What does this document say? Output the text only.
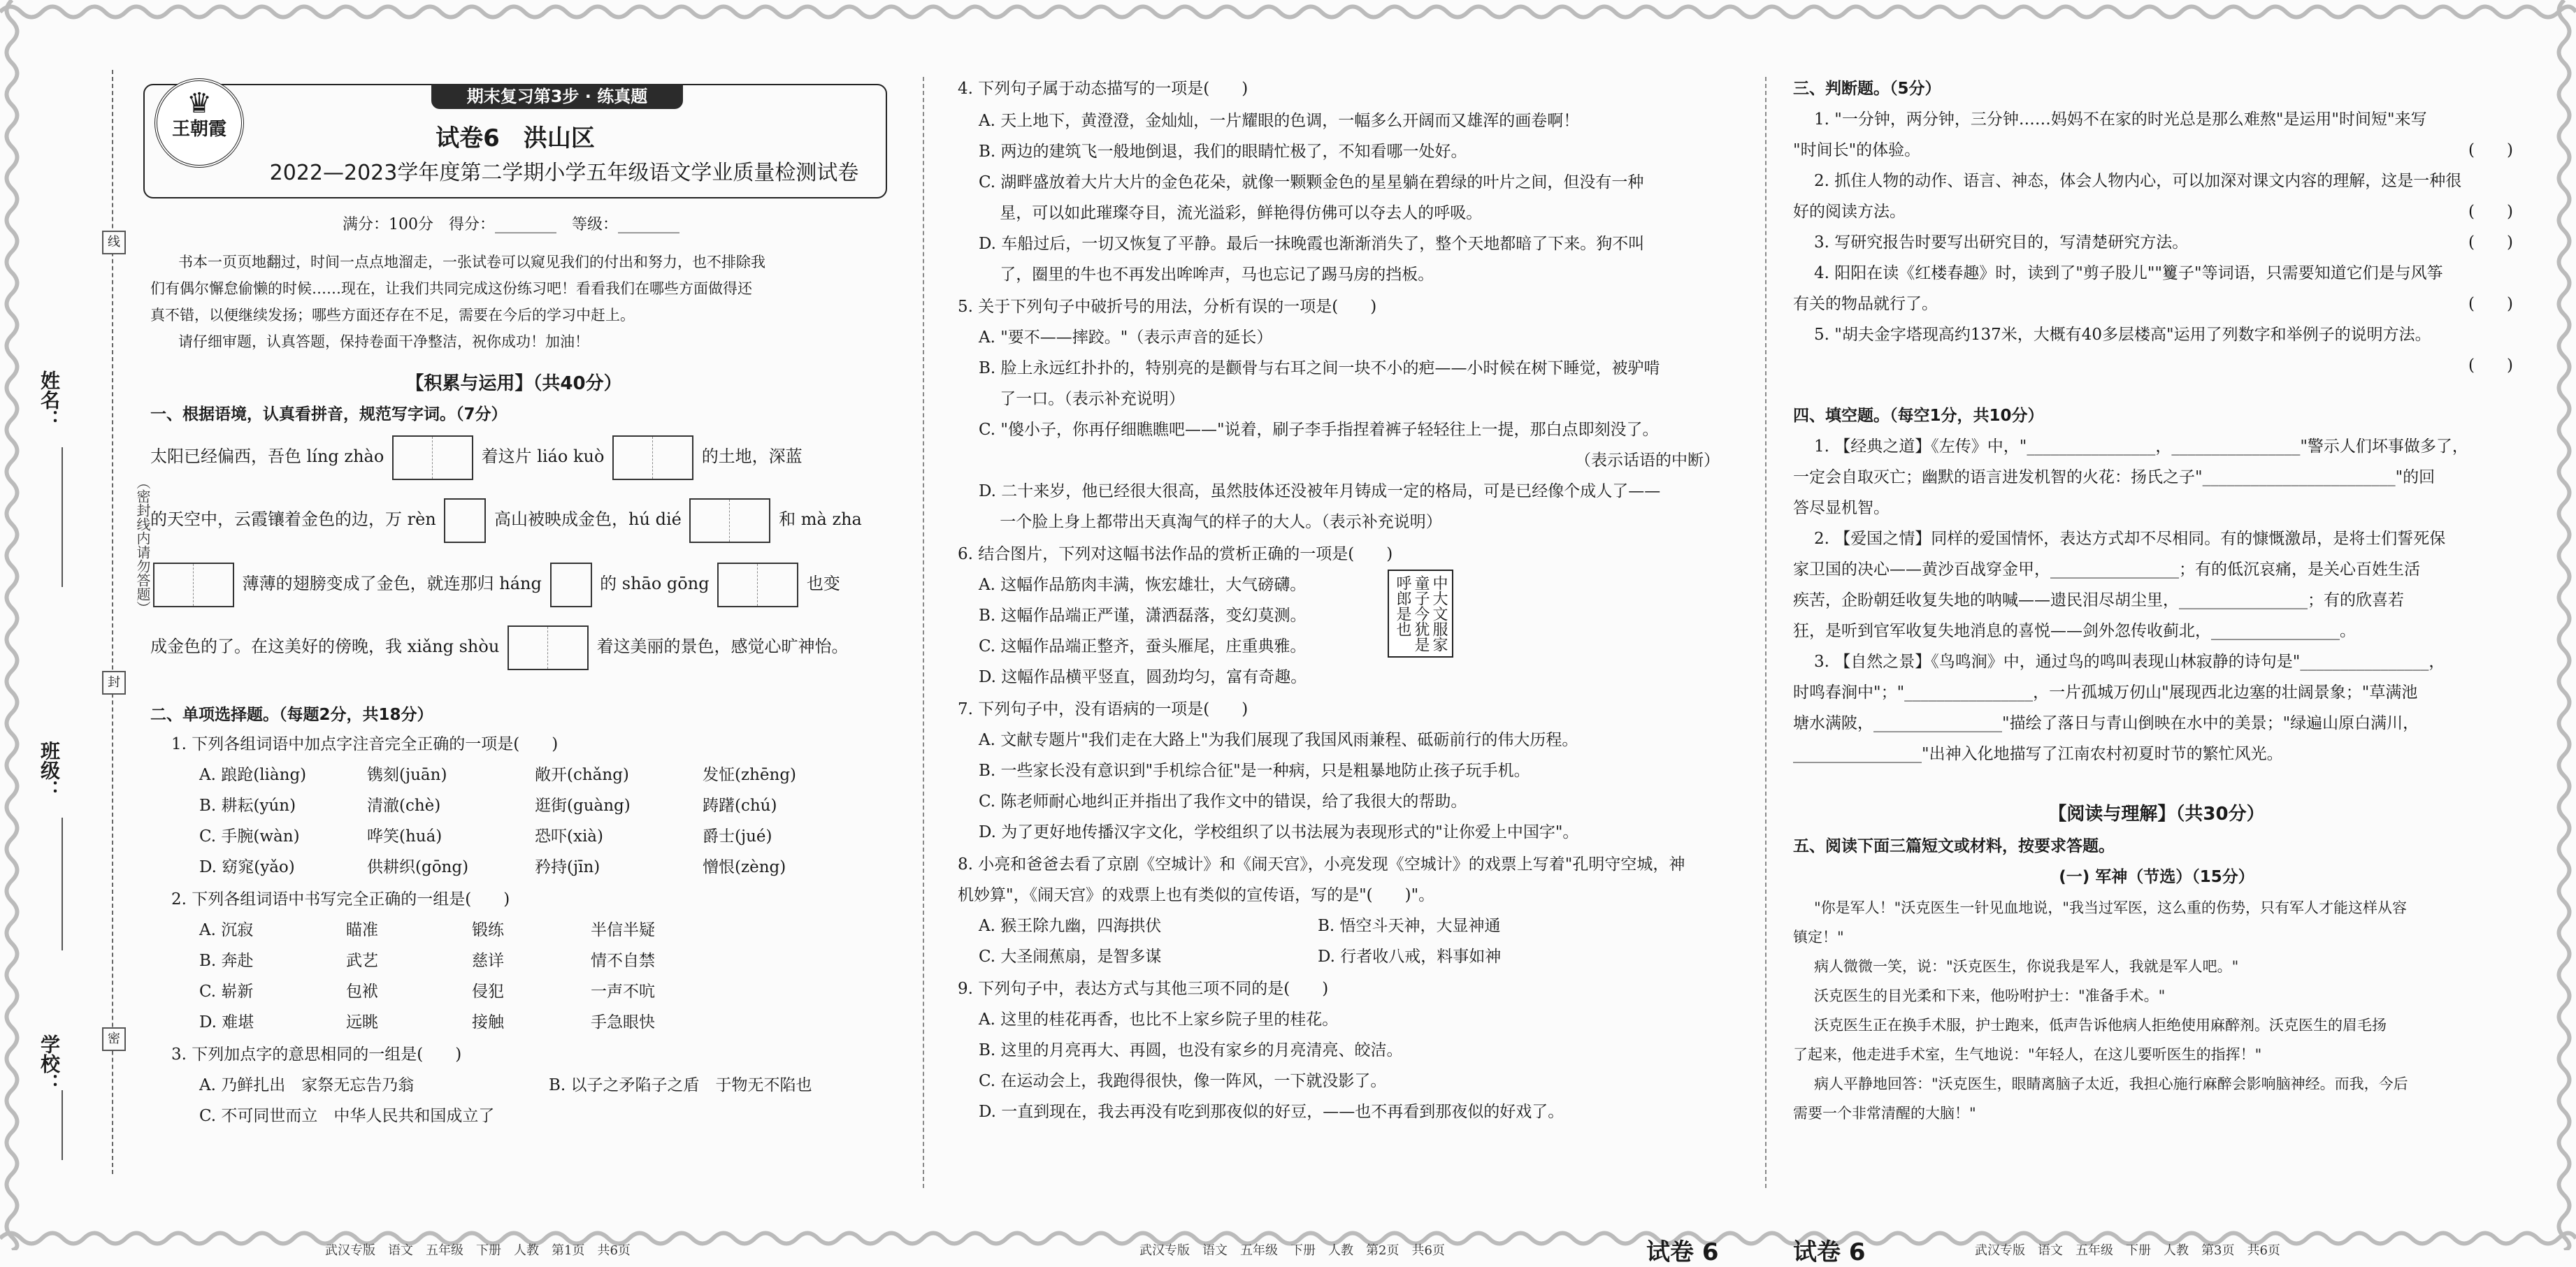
姓名：
班级：
学校：
线
封
密
（密封线内请勿答题）
期末复习第3步 · 练真题
♛
王朝霞	试卷6　洪山区
2022—2023学年度第二学期小学五年级语文学业质量检测试卷
满分：100分　得分：________　等级：________
书本一页页地翻过，时间一点点地溜走，一张试卷可以窥见我们的付出和努力，也不排除我
们有偶尔懈怠偷懒的时候……现在，让我们共同完成这份练习吧！看看我们在哪些方面做得还
真不错，以便继续发扬；哪些方面还存在不足，需要在今后的学习中赶上。
请仔细审题，认真答题，保持卷面干净整洁，祝你成功！加油！
【积累与运用】（共40分）
一、根据语境，认真看拼音，规范写字词。（7分）
太阳已经偏西，吾色 líng zhào	着这片 liáo kuò	的土地，深蓝
的天空中，云霞镶着金色的边，万 rèn	高山被映成金色，hú dié	和 mà zha
薄薄的翅膀变成了金色，就连那归 háng	的 shāo gōng	也变
成金色的了。在这美好的傍晚，我 xiǎng shòu	着这美丽的景色，感觉心旷神怡。
二、单项选择题。（每题2分，共18分）
1. 下列各组词语中加点字注音完全正确的一项是(　　)
A. 踉跄(liàng)	镌刻(juān)	敞开(chǎng)	发怔(zhēng)
B. 耕耘(yún)	清澈(chè)	逛街(guàng)	踌躇(chú)
C. 手腕(wàn)	哗笑(huá)	恐吓(xià)	爵士(jué)
D. 窈窕(yǎo)	供耕织(gōng)	矜持(jīn)	憎恨(zèng)
2. 下列各组词语中书写完全正确的一组是(　　)
A. 沉寂	瞄准	锻练	半信半疑
B. 奔赴	武艺	慈详	情不自禁
C. 崭新	包袱	侵犯	一声不吭
D. 难堪	远眺	接触	手急眼快
3. 下列加点字的意思相同的一组是(　　)
A. 乃鲜扎出　家祭无忘告乃翁	B. 以子之矛陷子之盾　于物无不陷也
C. 不可同世而立　中华人民共和国成立了
武汉专版　语文　五年级　下册　人教　第1页　共6页
4. 下列句子属于动态描写的一项是(　　)
A. 天上地下，黄澄澄，金灿灿，一片耀眼的色调，一幅多么开阔而又雄浑的画卷啊！
B. 两边的建筑飞一般地倒退，我们的眼睛忙极了，不知看哪一处好。
C. 湖畔盛放着大片大片的金色花朵，就像一颗颗金色的星星躺在碧绿的叶片之间，但没有一种
　 星，可以如此璀璨夺目，流光溢彩，鲜艳得仿佛可以夺去人的呼吸。
D. 车船过后，一切又恢复了平静。最后一抹晚霞也渐渐消失了，整个天地都暗了下来。狗不叫
　 了，圈里的牛也不再发出哞哞声，马也忘记了踢马房的挡板。
5. 关于下列句子中破折号的用法，分析有误的一项是(　　)
A. "要不——摔跤。"（表示声音的延长）
B. 脸上永远红扑扑的，特别亮的是颧骨与右耳之间一块不小的疤——小时候在树下睡觉，被驴啃
　 了一口。（表示补充说明）
C. "傻小子，你再仔细瞧瞧吧——"说着，刷子李手指捏着裤子轻轻往上一提，那白点即刻没了。
（表示话语的中断）
D. 二十来岁，他已经很大很高，虽然肢体还没被年月铸成一定的格局，可是已经像个成人了——
　 一个脸上身上都带出天真淘气的样子的大人。（表示补充说明）
6. 结合图片，下列对这幅书法作品的赏析正确的一项是(　　)
A. 这幅作品筋肉丰满，恢宏雄壮，大气磅礴。
B. 这幅作品端正严谨，潇洒磊落，变幻莫测。
C. 这幅作品端正整齐，蚕头雁尾，庄重典雅。
D. 这幅作品横平竖直，圆劲均匀，富有奇趣。
中大文服家
童子今犹是
呼郎是也
7. 下列句子中，没有语病的一项是(　　)
A. 文献专题片"我们走在大路上"为我们展现了我国风雨兼程、砥砺前行的伟大历程。
B. 一些家长没有意识到"手机综合征"是一种病，只是粗暴地防止孩子玩手机。
C. 陈老师耐心地纠正并指出了我作文中的错误，给了我很大的帮助。
D. 为了更好地传播汉字文化，学校组织了以书法展为表现形式的"让你爱上中国字"。
8. 小亮和爸爸去看了京剧《空城计》和《闹天宫》，小亮发现《空城计》的戏票上写着"孔明守空城，神
机妙算"，《闹天宫》的戏票上也有类似的宣传语，写的是"(　　)"。
A. 猴王除九幽，四海拱伏	B. 悟空斗天神，大显神通
C. 大圣闹蕉扇，是智多谋	D. 行者收八戒，料事如神
9. 下列句子中，表达方式与其他三项不同的是(　　)
A. 这里的桂花再香，也比不上家乡院子里的桂花。
B. 这里的月亮再大、再圆，也没有家乡的月亮清亮、皎洁。
C. 在运动会上，我跑得很快，像一阵风，一下就没影了。
D. 一直到现在，我去再没有吃到那夜似的好豆，——也不再看到那夜似的好戏了。
武汉专版　语文　五年级　下册　人教　第2页　共6页	试卷 6
三、判断题。（5分）
1. "一分钟，两分钟，三分钟……妈妈不在家的时光总是那么难熬"是运用"时间短"来写
"时间长"的体验。	(　　)
2. 抓住人物的动作、语言、神态，体会人物内心，可以加深对课文内容的理解，这是一种很
好的阅读方法。	(　　)
3. 写研究报告时要写出研究目的，写清楚研究方法。	(　　)
4. 阳阳在读《红楼春趣》时，读到了"剪子股儿""籰子"等词语，只需要知道它们是与风筝
有关的物品就行了。	(　　)
5. "胡夫金字塔现高约137米，大概有40多层楼高"运用了列数字和举例子的说明方法。
(　　)
四、填空题。（每空1分，共10分）
1. 【经典之道】《左传》中，"________________，________________"警示人们坏事做多了，
一定会自取灭亡；幽默的语言进发机智的火花：扬氏之子"________________________"的回
答尽显机智。
2. 【爱国之情】同样的爱国情怀，表达方式却不尽相同。有的慷慨激昂，是将士们誓死保
家卫国的决心——黄沙百战穿金甲，________________；有的低沉哀痛，是关心百姓生活
疾苦，企盼朝廷收复失地的呐喊——遗民泪尽胡尘里，________________；有的欣喜若
狂，是听到官军收复失地消息的喜悦——剑外忽传收蓟北，________________。
3. 【自然之景】《鸟鸣涧》中，通过鸟的鸣叫表现山林寂静的诗句是"________________，
时鸣春涧中"；"________________，一片孤城万仞山"展现西北边塞的壮阔景象；"草满池
塘水满陂，________________"描绘了落日与青山倒映在水中的美景；"绿遍山原白满川，
________________"出神入化地描写了江南农村初夏时节的繁忙风光。
【阅读与理解】（共30分）
五、阅读下面三篇短文或材料，按要求答题。
(一) 军神（节选）（15分）
"你是军人！"沃克医生一针见血地说，"我当过军医，这么重的伤势，只有军人才能这样从容
镇定！"
病人微微一笑，说："沃克医生，你说我是军人，我就是军人吧。"
沃克医生的目光柔和下来，他吩咐护士："准备手术。"
沃克医生正在换手术服，护士跑来，低声告诉他病人拒绝使用麻醉剂。沃克医生的眉毛扬
了起来，他走进手术室，生气地说："年轻人，在这儿要听医生的指挥！"
病人平静地回答："沃克医生，眼睛离脑子太近，我担心施行麻醉会影响脑神经。而我，今后
需要一个非常清醒的大脑！"
试卷 6	武汉专版　语文　五年级　下册　人教　第3页　共6页
